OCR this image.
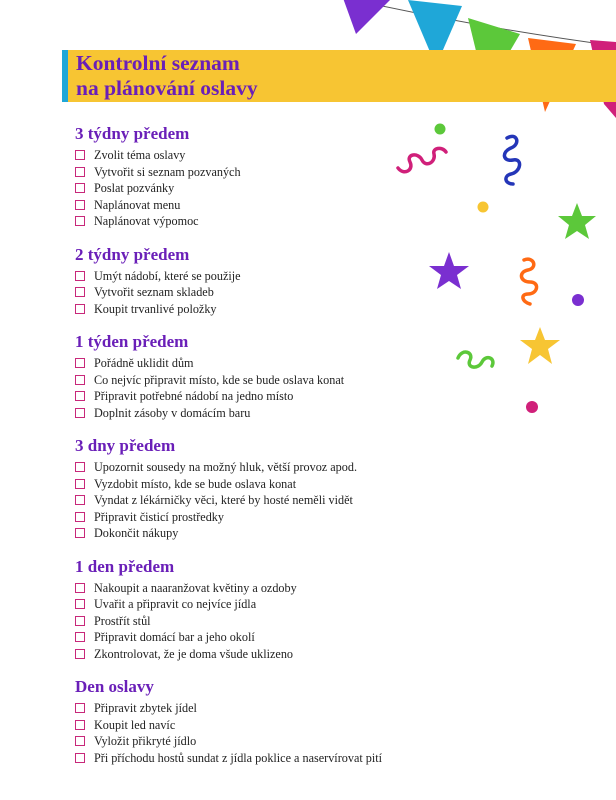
Kontrolní seznam
na plánování oslavy
3 týdny předem
Zvolit téma oslavy
Vytvořit si seznam pozvaných
Poslat pozvánky
Naplánovat menu
Naplánovat výpomoc
2 týdny předem
Umýt nádobí, které se použije
Vytvořit seznam skladeb
Koupit trvanlivé položky
1 týden předem
Pořádně uklidit dům
Co nejvíc připravit místo, kde se bude oslava konat
Připravit potřebné nádobí na jedno místo
Doplnit zásoby v domácím baru
3 dny předem
Upozornit sousedy na možný hluk, větší provoz apod.
Vyzdobit místo, kde se bude oslava konat
Vyndat z lékárničky věci, které by hosté neměli vidět
Připravit čisticí prostředky
Dokončit nákupy
1 den předem
Nakoupit a naaranžovat květiny a ozdoby
Uvařit a připravit co nejvíce jídla
Prostřít stůl
Připravit domácí bar a jeho okolí
Zkontrolovat, že je doma všude uklizeno
Den oslavy
Připravit zbytek jídel
Koupit led navíc
Vyložit přikryté jídlo
Při příchodu hostů sundat z jídla poklice a naservírovat pití
